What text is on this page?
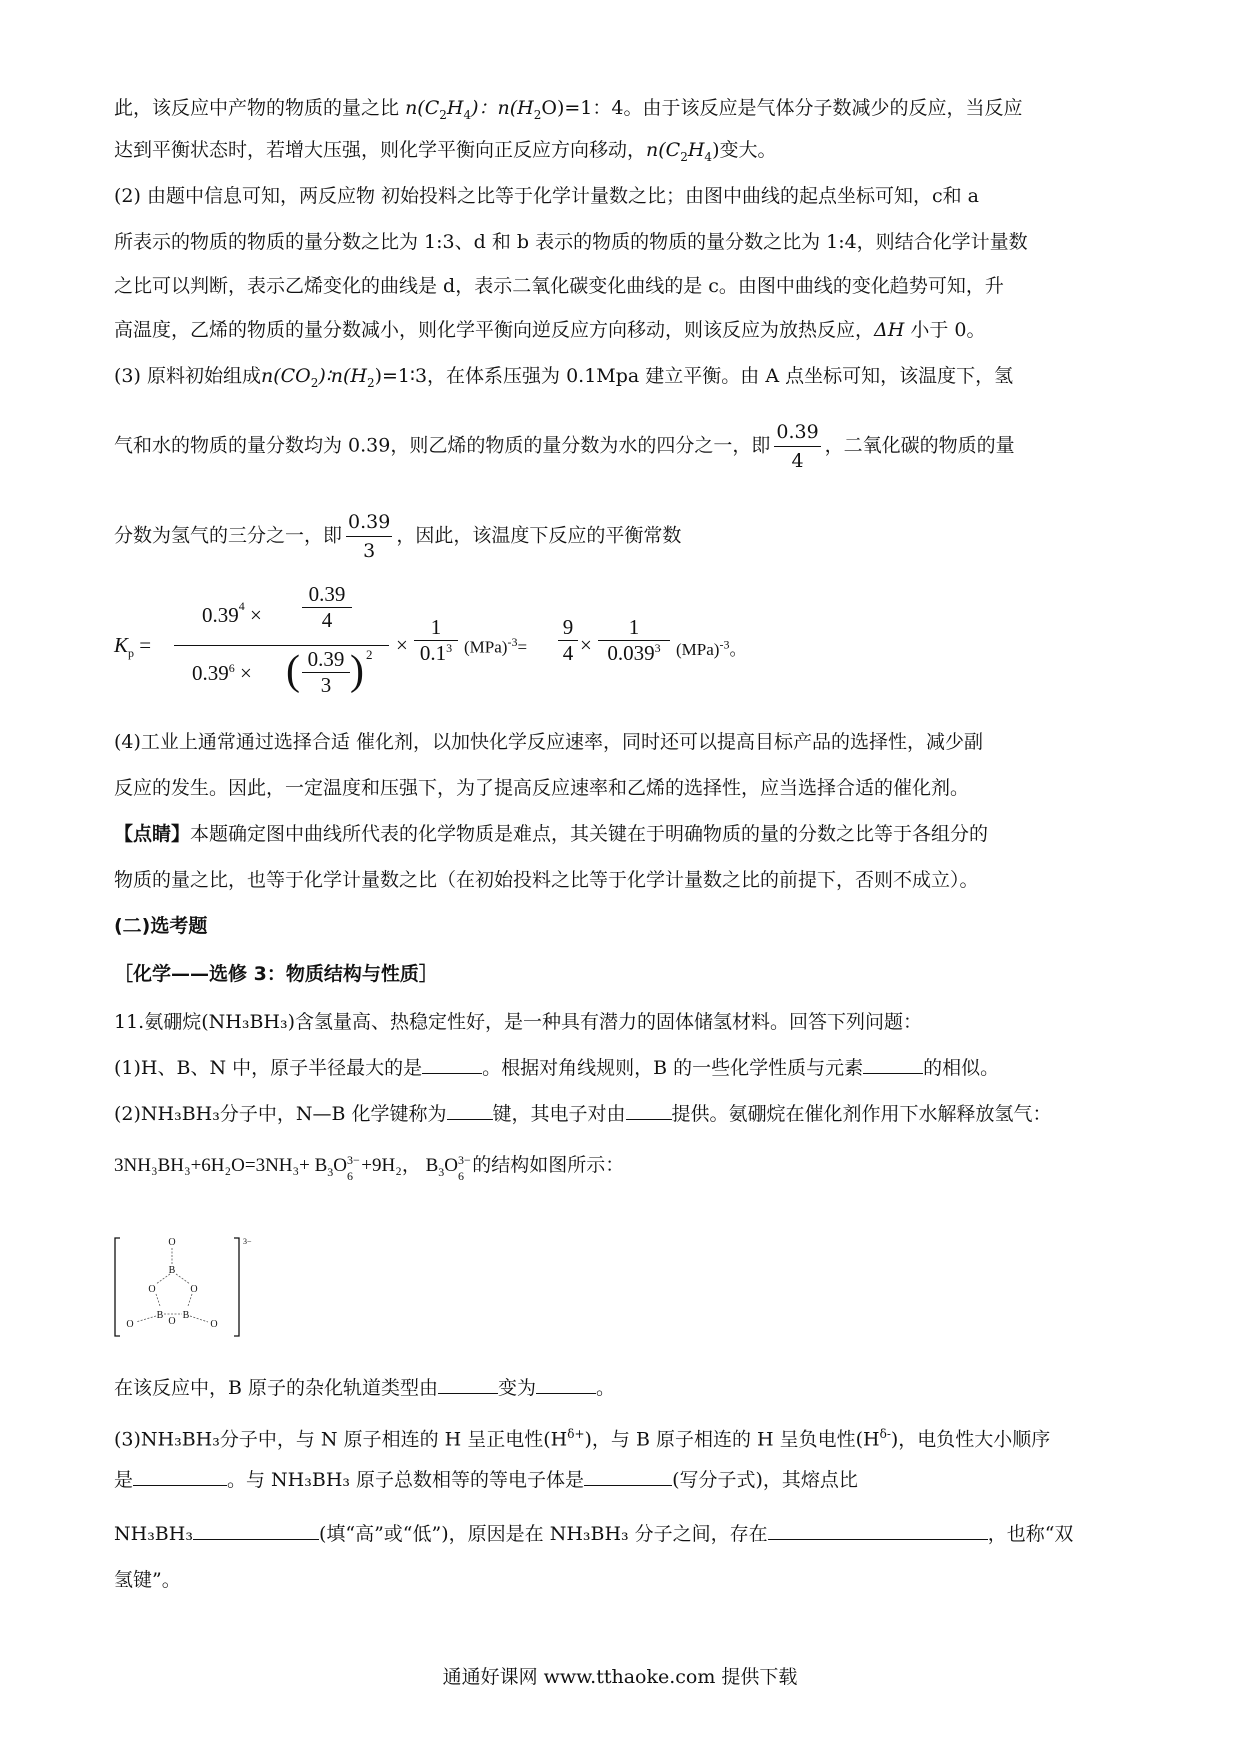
此，该反应中产物的物质的量之比 $n(C_2H_4)$：$n(H_2O)=1$：4。由于该反应是气体分子数减少的反应，当反应
达到平衡状态时，若增大压强，则化学平衡向正反应方向移动，$n(C_2H_4)$变大。
(2) 由题中信息可知，两反应物 初始投料之比等于化学计量数之比；由图中曲线的起点坐标可知，c和 a
所表示的物质的物质的量分数之比为 1:3、d 和 b 表示的物质的物质的量分数之比为 1:4，则结合化学计量数
之比可以判断，表示乙烯变化的曲线是 d，表示二氧化碳变化曲线的是 c。由图中曲线的变化趋势可知，升
高温度，乙烯的物质的量分数减小，则化学平衡向逆反应方向移动，则该反应为放热反应，ΔH 小于 0。
(3) 原料初始组成$n(CO_2)∶n(H_2)=1∶3$，在体系压强为 0.1Mpa 建立平衡。由 A 点坐标可知，该温度下，氢
气和水的物质的量分数均为 0.39，则乙烯的物质的量分数为水的四分之一，即 $\frac{0.39}{4}$ ，二氧化碳的物质的量
分数为氢气的三分之一，即 $\frac{0.39}{3}$ ，因此，该温度下反应的平衡常数
$K_p$ =
$0.39^4 \times \frac{0.39}{4}$
$0.39^6$ × ( $\frac{0.39}{3}$ ) 2 ×
1
$0.1^3$ $(MPa)^{-3}= \frac{9}{4}$ ×
1
0.039$^3$ (MPa)$^{-3}$。
(4)工业上通常通过选择合适 催化剂，以加快化学反应速率，同时还可以提高目标产品的选择性，减少副
反应的发生。因此，一定温度和压强下，为了提高反应速率和乙烯的选择性，应当选择合适的催化剂。
【点睛】本题确定图中曲线所代表的化学物质是难点，其关键在于明确物质的量的分数之比等于各组分的
物质的量之比，也等于化学计量数之比（在初始投料之比等于化学计量数之比的前提下，否则不成立）。
(二)选考题
［化学——选修 3：物质结构与性质］
11.氨硼烷(NH₃BH₃)含氢量高、热稳定性好，是一种具有潜力的固体储氢材料。回答下列问题：
(1)H、B、N 中，原子半径最大的是	。根据对角线规则，B 的一些化学性质与元素	的相似。
(2)NH₃BH₃分子中，N—B 化学键称为 键，其电子对由 提供。氨硼烷在催化剂作用下水解释放氢气：
$3NH_3BH_3+6H_2O=3NH_3+ B_3O$ 3−
6 +9H₂， $B_3O$ 3−
6 的结构如图所示：
O
B
O	O
B B
O	O
O
3−
在该反应中，B 原子的杂化轨道类型由	变为	。
(3)NH₃BH₃分子中，与 N 原子相连的 H 呈正电性$(H^{\delta+})$，与 B 原子相连的 H 呈负电性$(H^{\delta-})$，电负性大小顺序
是	。与 NH₃BH₃ 原子总数相等的等电子体是	(写分子式)，其熔点比
NH₃BH₃	(填“高”或“低”)，原因是在 NH₃BH₃ 分子之间，存在	，也称“双
氢键”。
通通好课网 www.tthaoke.com 提供下载
